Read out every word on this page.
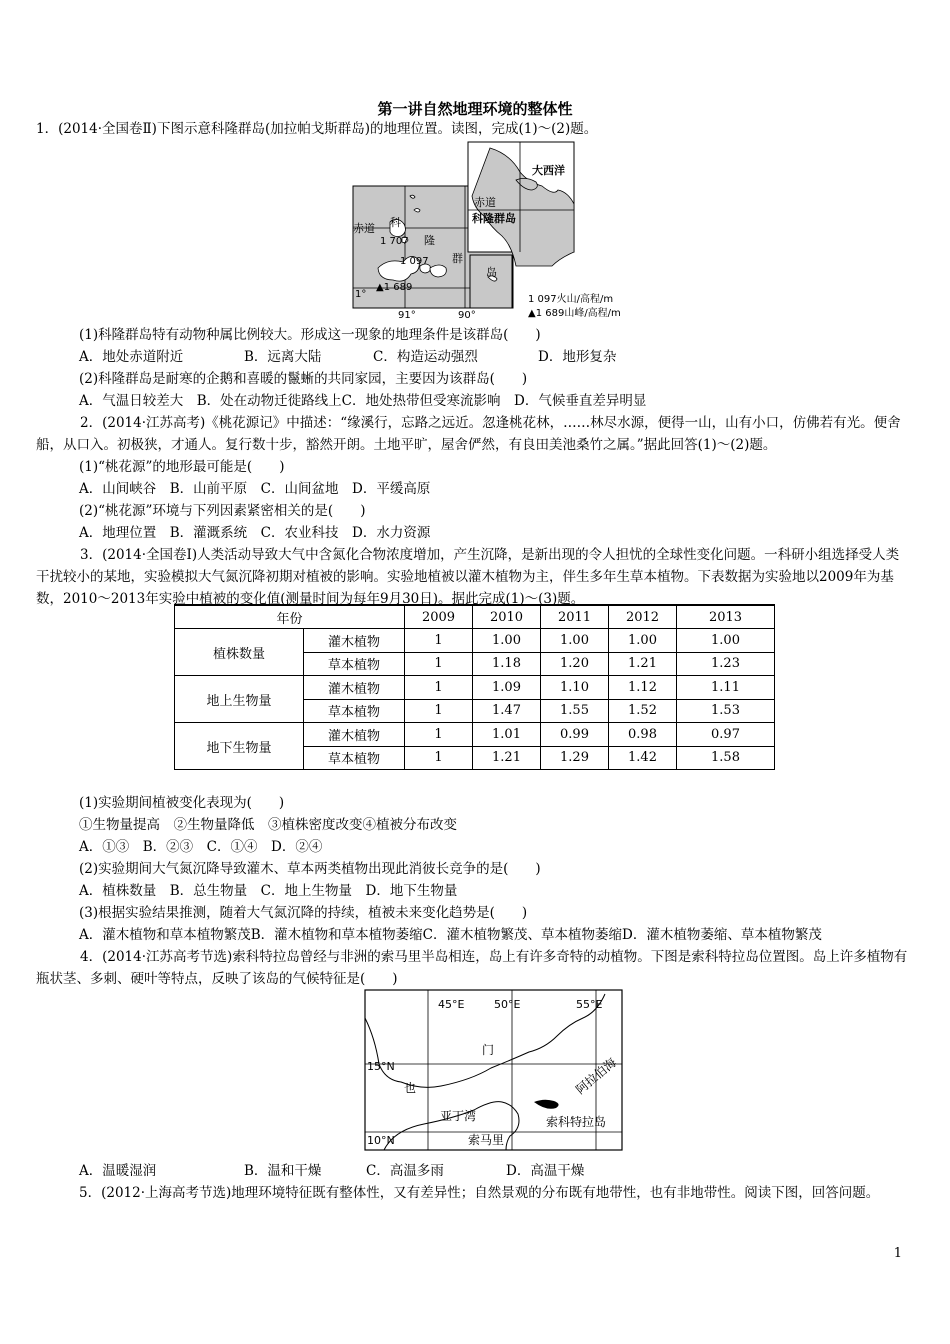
第一讲自然地理环境的整体性
1．(2014·全国卷Ⅱ)下图示意科隆群岛(加拉帕戈斯群岛)的地理位置。读图，完成(1)～(2)题。
赤道 科
隆
群
岛
1 707
1 097
▲1 689
1°
91°	90°
大西洋
赤道
科隆群岛
1 097火山/高程/m
▲1 689山峰/高程/m
(1)科隆群岛特有动物种属比例较大。形成这一现象的地理条件是该群岛(　　)
A．地处赤道附近	B．远离大陆	C．构造运动强烈	D．地形复杂
(2)科隆群岛是耐寒的企鹅和喜暖的鬣蜥的共同家园，主要因为该群岛(　　)
A．气温日较差大　B．处在动物迁徙路线上C．地处热带但受寒流影响　D．气候垂直差异明显
2．(2014·江苏高考)《桃花源记》中描述：“缘溪行，忘路之远近。忽逢桃花林，……林尽水源，便得一山，山有小口，仿佛若有光。便舍船，从口入。初极狭，才通人。复行数十步，豁然开朗。土地平旷，屋舍俨然，有良田美池桑竹之属。”据此回答(1)～(2)题。
(1)“桃花源”的地形最可能是(　　)
A．山间峡谷　B．山前平原　C．山间盆地　D．平缓高原
(2)“桃花源”环境与下列因素紧密相关的是(　　)
A．地理位置　B．灌溉系统　C．农业科技　D．水力资源
3．(2014·全国卷Ⅰ)人类活动导致大气中含氮化合物浓度增加，产生沉降，是新出现的令人担忧的全球性变化问题。一科研小组选择受人类干扰较小的某地，实验模拟大气氮沉降初期对植被的影响。实验地植被以灌木植物为主，伴生多年生草本植物。下表数据为实验地以2009年为基数，2010～2013年实验中植被的变化值(测量时间为每年9月30日)。据此完成(1)～(3)题。
年份		2009	2010	2011	2012	2013
植株数量	灌木植物	1	1.00	1.00	1.00	1.00
	草本植物	1	1.18	1.20	1.21	1.23
地上生物量	灌木植物	1	1.09	1.10	1.12	1.11
	草本植物	1	1.47	1.55	1.52	1.53
地下生物量	灌木植物	1	1.01	0.99	0.98	0.97
	草本植物	1	1.21	1.29	1.42	1.58
(1)实验期间植被变化表现为(　　)
①生物量提高　②生物量降低　③植株密度改变④植被分布改变
A．①③　B．②③　C．①④　D．②④
(2)实验期间大气氮沉降导致灌木、草本两类植物出现此消彼长竞争的是(　　)
A．植株数量　B．总生物量　C．地上生物量　D．地下生物量
(3)根据实验结果推测，随着大气氮沉降的持续，植被未来变化趋势是(　　)
A．灌木植物和草本植物繁茂B．灌木植物和草本植物萎缩C．灌木植物繁茂、草本植物萎缩D．灌木植物萎缩、草本植物繁茂
4．(2014·江苏高考节选)索科特拉岛曾经与非洲的索马里半岛相连，岛上有许多奇特的动植物。下图是索科特拉岛位置图。岛上许多植物有瓶状茎、多刺、硬叶等特点，反映了该岛的气候特征是(　　)
45°E	50°E	55°E
15°N
10°N
门
也	阿拉伯海
亚丁湾	索科特拉岛
索马里
A．温暖湿润	B．温和干燥	C．高温多雨	D．高温干燥
5．(2012·上海高考节选)地理环境特征既有整体性，又有差异性；自然景观的分布既有地带性，也有非地带性。阅读下图，回答问题。
1
